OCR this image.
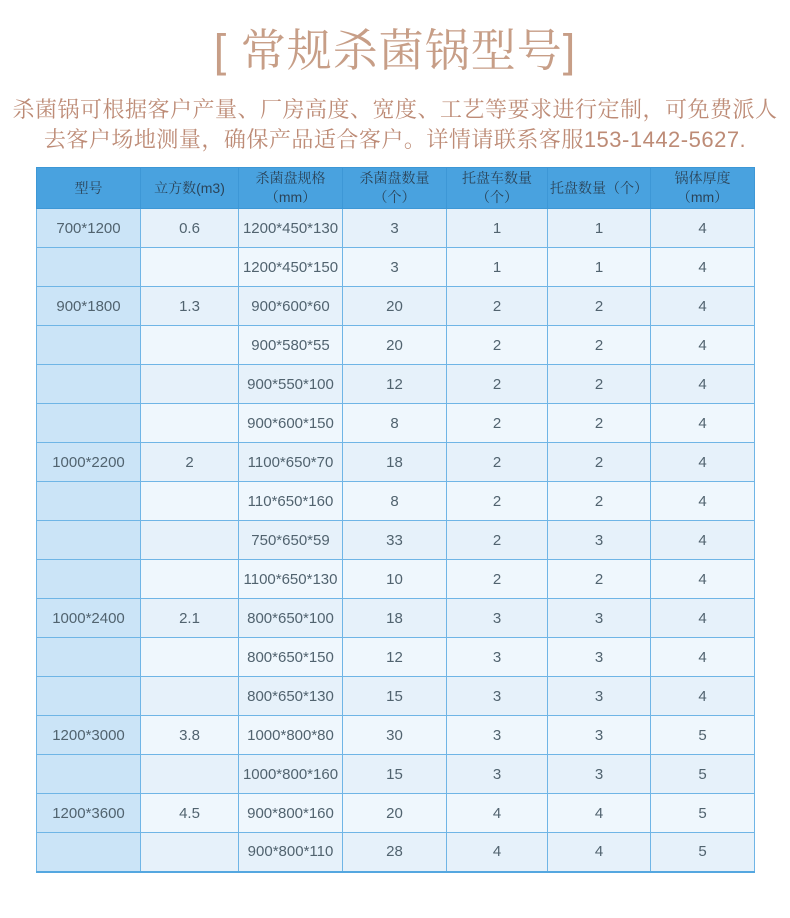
[ 常规杀菌锅型号]
杀菌锅可根据客户产量、厂房高度、宽度、工艺等要求进行定制，可免费派人
去客户场地测量，确保产品适合客户。详情请联系客服153-1442-5627.
型号	立方数(m3)	杀菌盘规格（mm）	杀菌盘数量（个）	托盘车数量（个）	托盘数量（个）	锅体厚度（mm）
700*1200	0.6	1200*450*130	3	1	1	4
		1200*450*150	3	1	1	4
900*1800	1.3	900*600*60	20	2	2	4
		900*580*55	20	2	2	4
		900*550*100	12	2	2	4
		900*600*150	8	2	2	4
1000*2200	2	1100*650*70	18	2	2	4
		110*650*160	8	2	2	4
		750*650*59	33	2	3	4
		1100*650*130	10	2	2	4
1000*2400	2.1	800*650*100	18	3	3	4
		800*650*150	12	3	3	4
		800*650*130	15	3	3	4
1200*3000	3.8	1000*800*80	30	3	3	5
		1000*800*160	15	3	3	5
1200*3600	4.5	900*800*160	20	4	4	5
		900*800*110	28	4	4	5
